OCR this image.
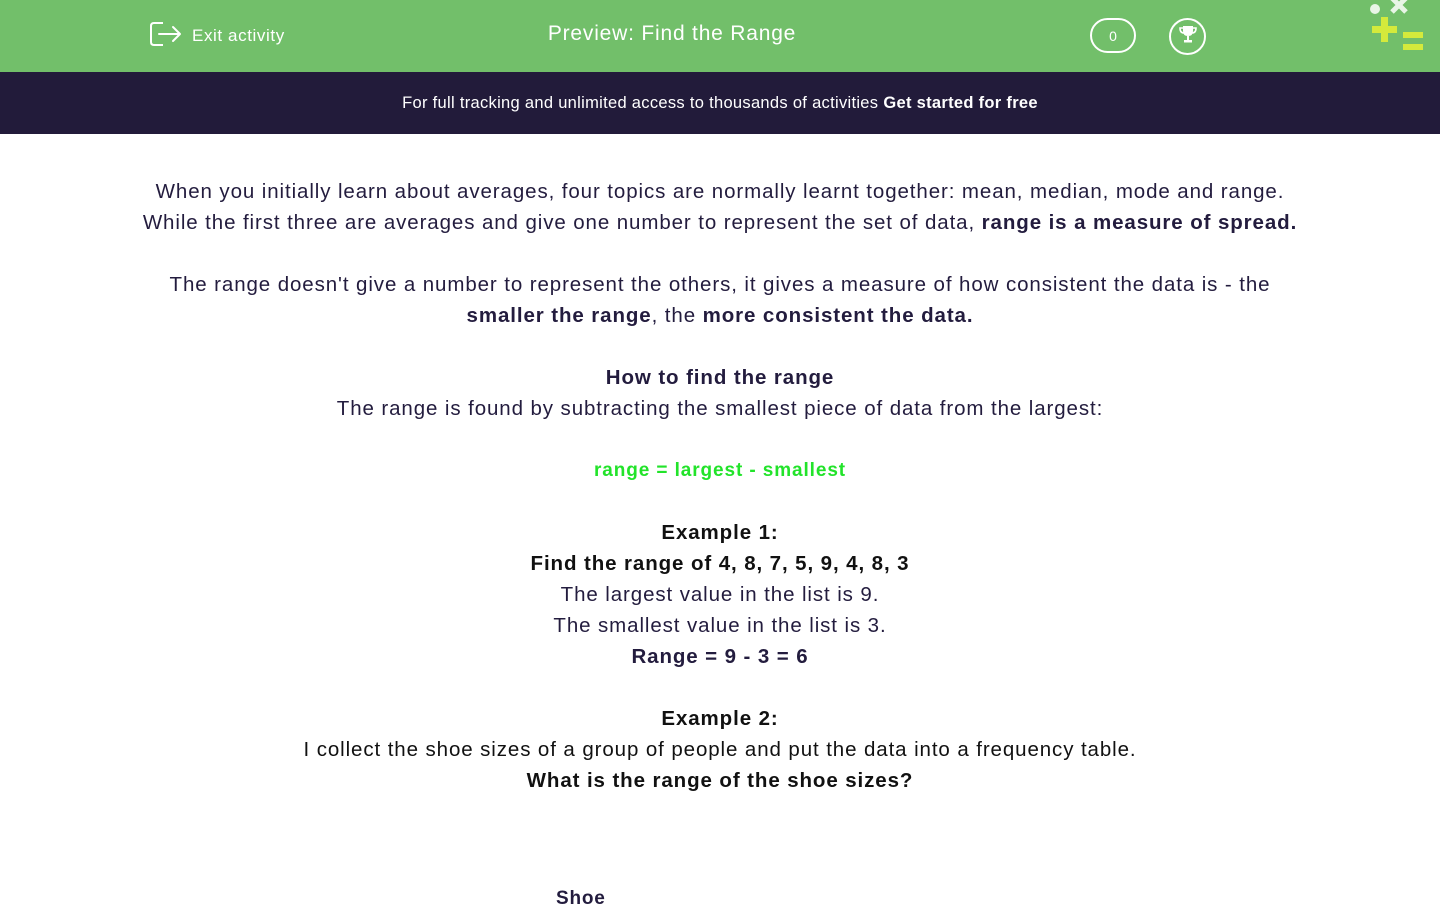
Exit activity	Preview: Find the Range	0
For full tracking and unlimited access to thousands of activities Get started for free

When you initially learn about averages, four topics are normally learnt together: mean, median, mode and range.

While the first three are averages and give one number to represent the set of data, range is a measure of spread.

The range doesn't give a number to represent the others, it gives a measure of how consistent the data is - the smaller the range, the more consistent the data.

How to find the range

The range is found by subtracting the smallest piece of data from the largest:

range = largest - smallest

Example 1:

Find the range of 4, 8, 7, 5, 9, 4, 8, 3

The largest value in the list is 9.

The smallest value in the list is 3.

Range = 9 - 3 = 6

Example 2:

I collect the shoe sizes of a group of people and put the data into a frequency table.

What is the range of the shoe sizes?

Shoe
